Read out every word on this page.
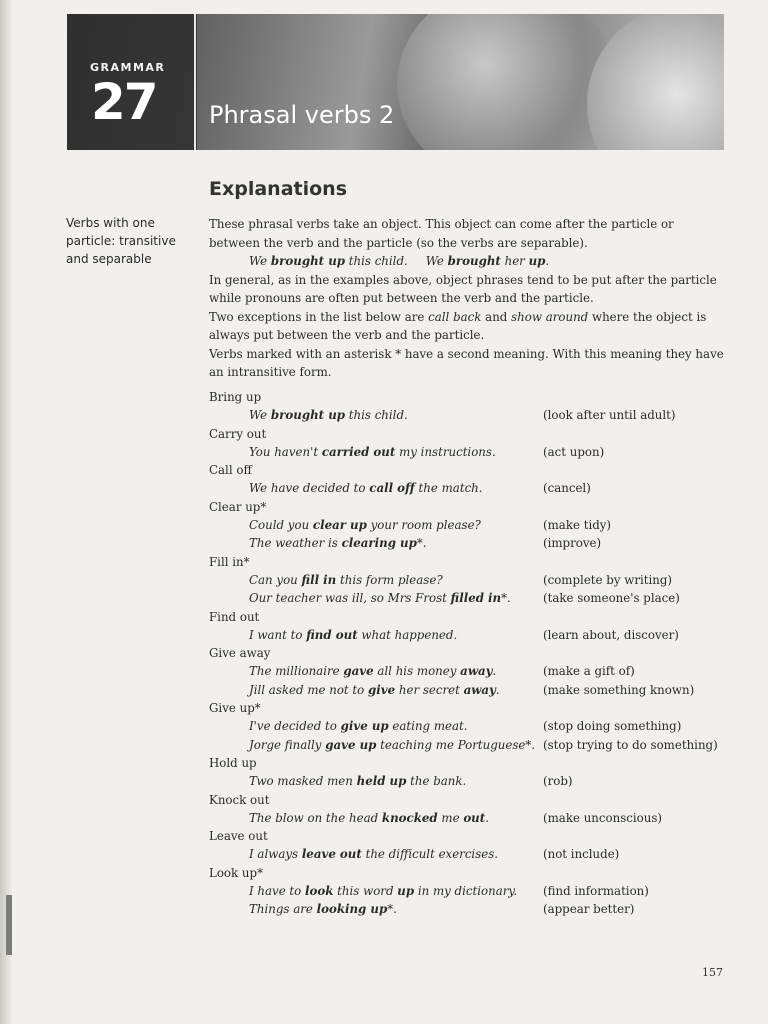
GRAMMAR
27 Phrasal verbs 2
Explanations
Verbs with one particle: transitive and separable

These phrasal verbs take an object. This object can come after the particle or between the verb and the particle (so the verbs are separable).

We brought up this child. We brought her up.

In general, as in the examples above, object phrases tend to be put after the particle while pronouns are often put between the verb and the particle.

Two exceptions in the list below are call back and show around where the object is always put between the verb and the particle.

Verbs marked with an asterisk * have a second meaning. With this meaning they have an intransitive form.

Bring up
We brought up this child.	(look after until adult)
Carry out
You haven't carried out my instructions.	(act upon)
Call off
We have decided to call off the match.	(cancel)
Clear up*
Could you clear up your room please?	(make tidy)
The weather is clearing up*.	(improve)
Fill in*
Can you fill in this form please?	(complete by writing)
Our teacher was ill, so Mrs Frost filled in*.	(take someone's place)
Find out
I want to find out what happened.	(learn about, discover)
Give away
The millionaire gave all his money away.	(make a gift of)
Jill asked me not to give her secret away.	(make something known)
Give up*
I've decided to give up eating meat.	(stop doing something)
Jorge finally gave up teaching me Portuguese*. (stop trying to do something)
Hold up
Two masked men held up the bank.	(rob)
Knock out
The blow on the head knocked me out.	(make unconscious)
Leave out
I always leave out the difficult exercises.	(not include)
Look up*
I have to look this word up in my dictionary. (find information)
Things are looking up*.	(appear better)
157
